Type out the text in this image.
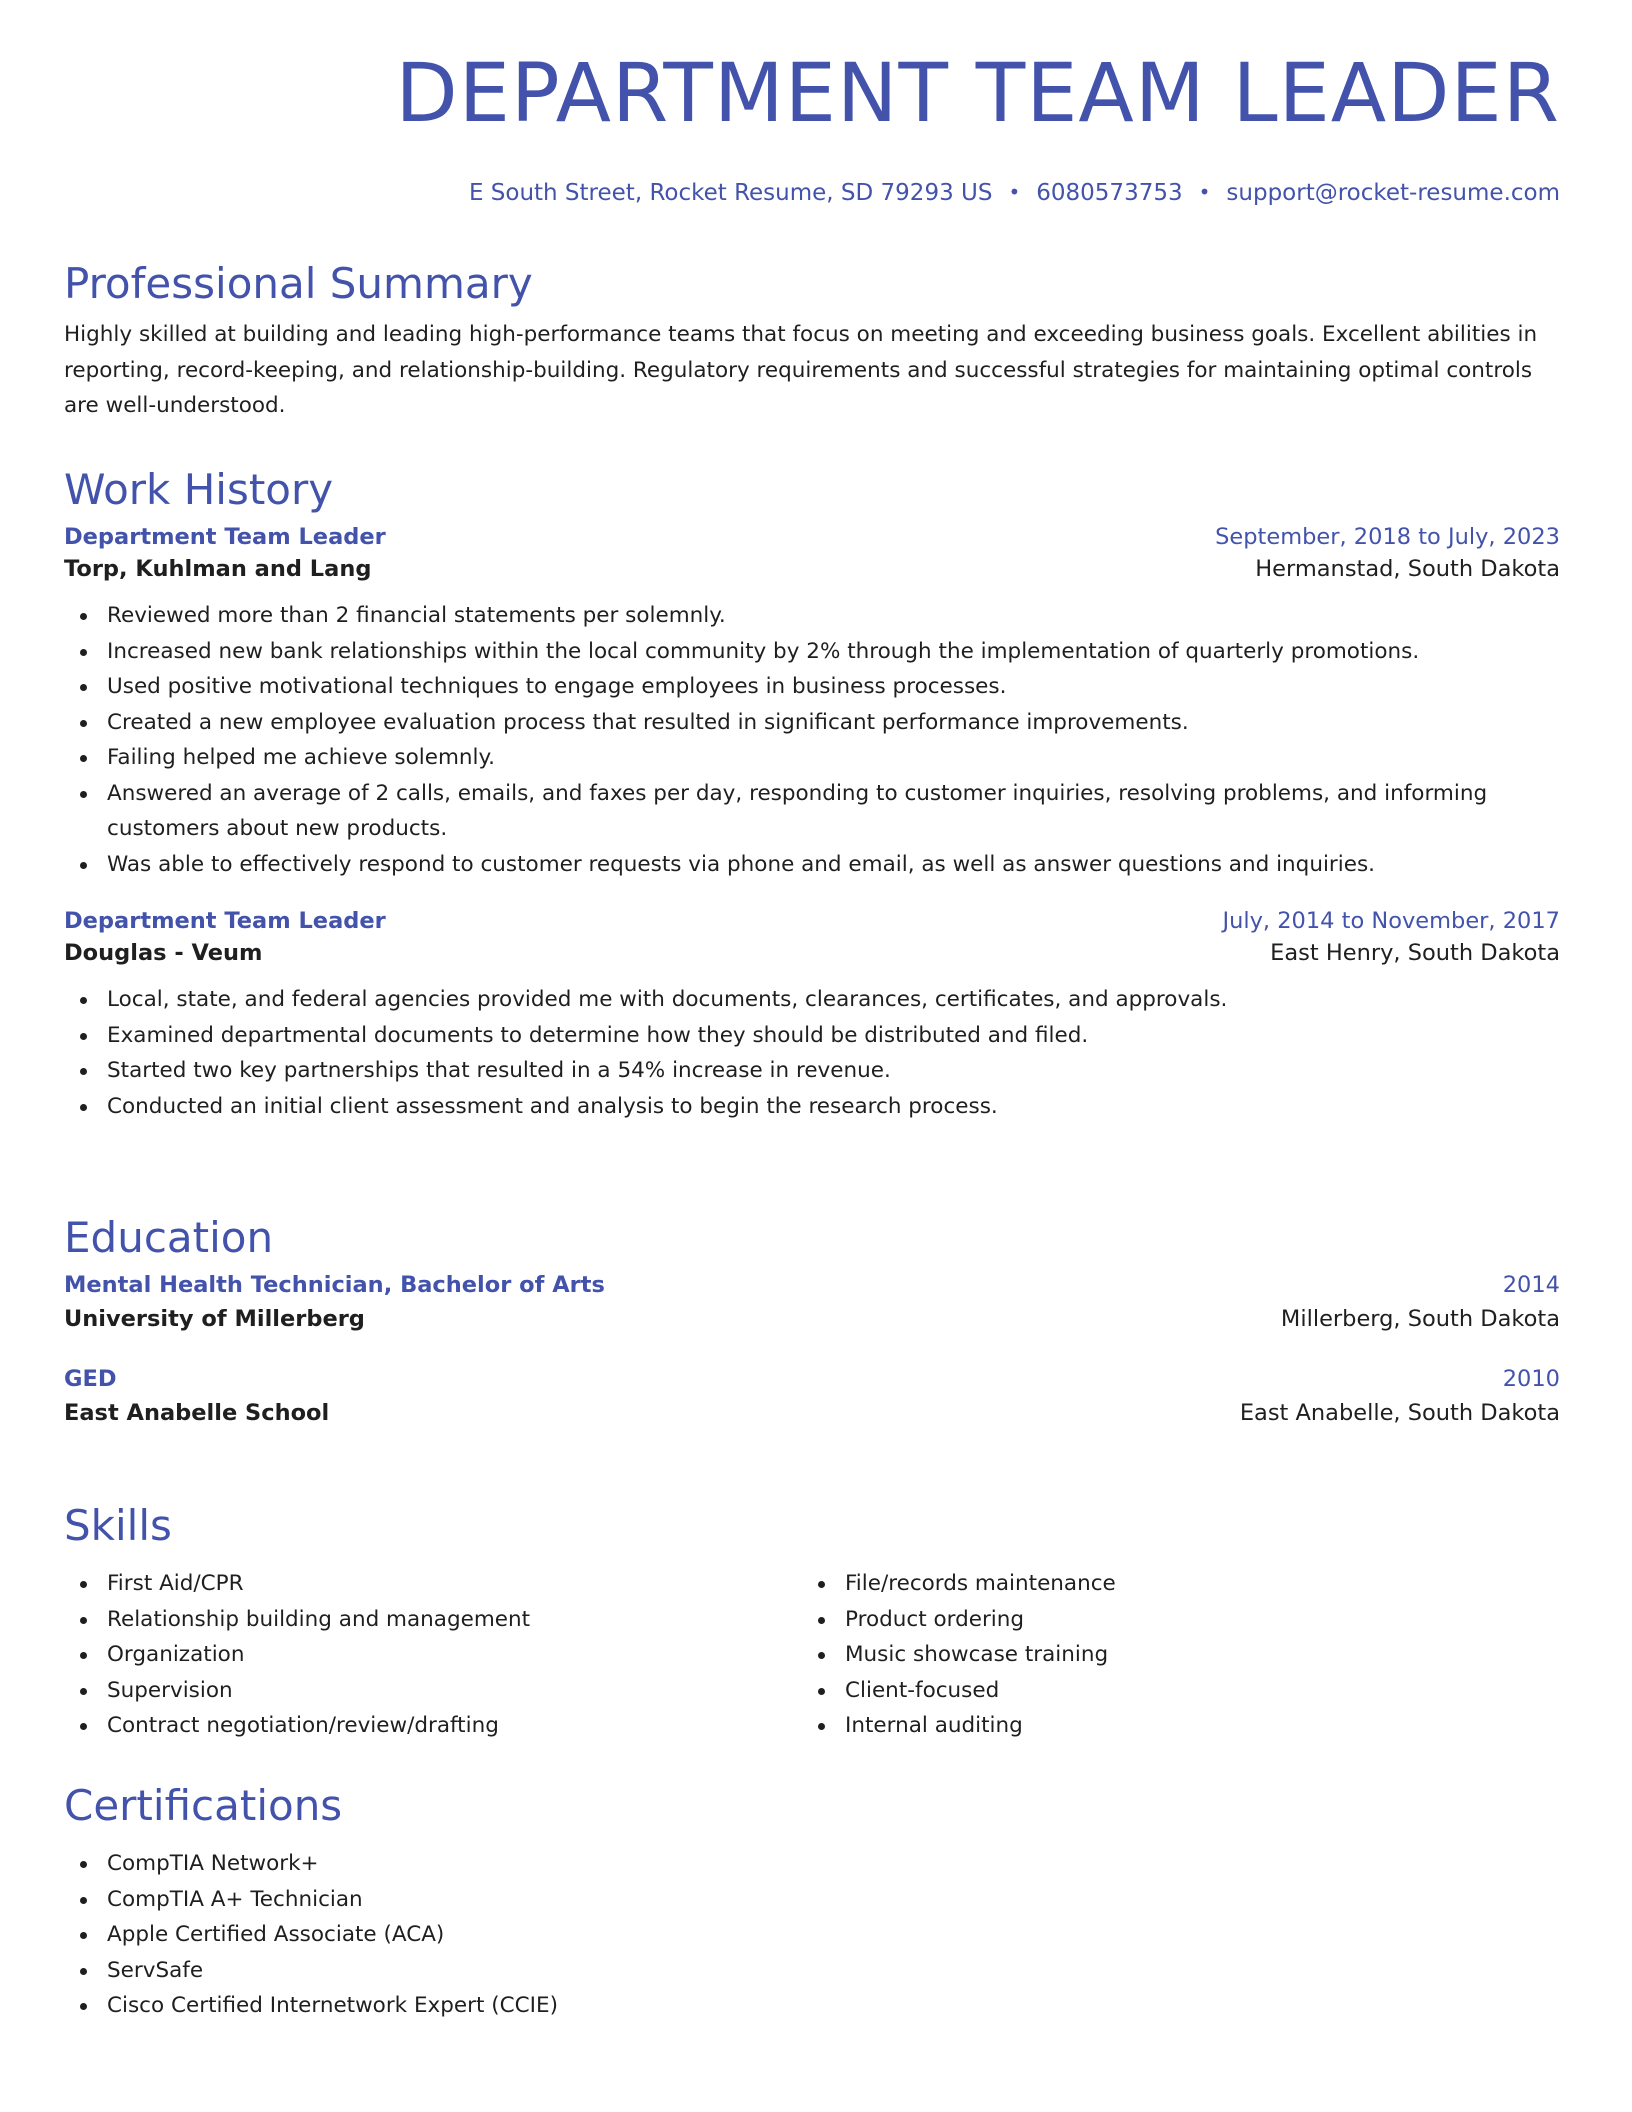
DEPARTMENT TEAM LEADER
E South Street, Rocket Resume, SD 79293 US • 6080573753 • support@rocket-resume.com
Professional Summary

Highly skilled at building and leading high-performance teams that focus on meeting and exceeding business goals. Excellent abilities in reporting, record-keeping, and relationship-building. Regulatory requirements and successful strategies for maintaining optimal controls are well-understood.

Work History
Department Team Leader	September, 2018 to July, 2023
Torp, Kuhlman and Lang	Hermanstad, South Dakota
Reviewed more than 2 financial statements per solemnly.
Increased new bank relationships within the local community by 2% through the implementation of quarterly promotions.
Used positive motivational techniques to engage employees in business processes.
Created a new employee evaluation process that resulted in significant performance improvements.
Failing helped me achieve solemnly.
Answered an average of 2 calls, emails, and faxes per day, responding to customer inquiries, resolving problems, and informing customers about new products.
Was able to effectively respond to customer requests via phone and email, as well as answer questions and inquiries.
Department Team Leader	July, 2014 to November, 2017
Douglas - Veum	East Henry, South Dakota
Local, state, and federal agencies provided me with documents, clearances, certificates, and approvals.
Examined departmental documents to determine how they should be distributed and filed.
Started two key partnerships that resulted in a 54% increase in revenue.
Conducted an initial client assessment and analysis to begin the research process.
Education
Mental Health Technician, Bachelor of Arts	2014
University of Millerberg	Millerberg, South Dakota
GED	2010
East Anabelle School	East Anabelle, South Dakota
Skills
First Aid/CPR
Relationship building and management
Organization
Supervision
Contract negotiation/review/drafting
File/records maintenance
Product ordering
Music showcase training
Client-focused
Internal auditing
Certifications
CompTIA Network+
CompTIA A+ Technician
Apple Certified Associate (ACA)
ServSafe
Cisco Certified Internetwork Expert (CCIE)
